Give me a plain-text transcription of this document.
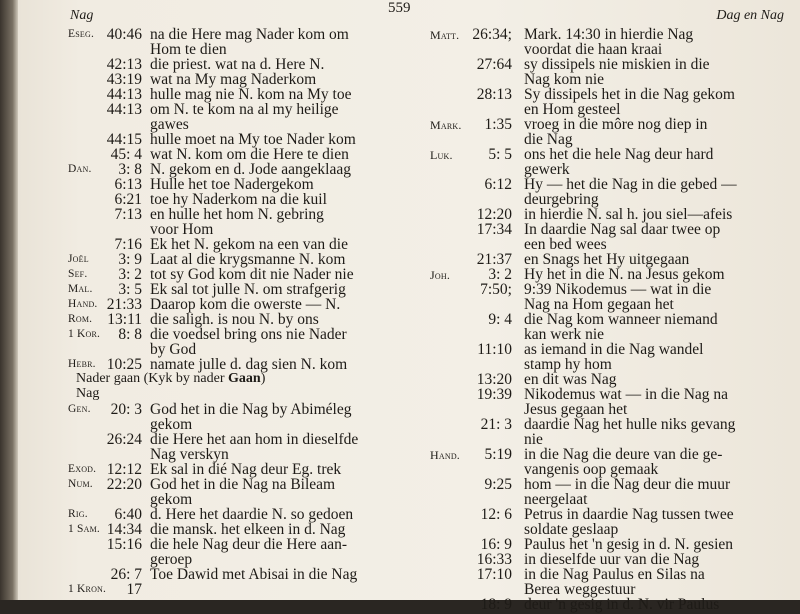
Nag	559	Dag en Nag
Eseg. 40:46 na die Here mag Nader kom om
Hom te dien
42:13 die priest. wat na d. Here N.
43:19 wat na My mag Naderkom
44:13 hulle mag nie N. kom na My toe
44:13 om N. te kom na al my heilige
gawes
44:15 hulle moet na My toe Nader kom
45: 4 wat N. kom om die Here te dien
Dan. 3: 8 N. gekom en d. Jode aangeklaag
6:13 Hulle het toe Nadergekom
6:21 toe hy Naderkom na die kuil
7:13 en hulle het hom N. gebring
voor Hom
7:16 Ek het N. gekom na een van die
Joël 3: 9 Laat al die krygsmanne N. kom
Sef. 3: 2 tot sy God kom dit nie Nader nie
Mal. 3: 5 Ek sal tot julle N. om strafgerig
Hand. 21:33 Daarop kom die owerste — N.
Rom. 13:11 die saligh. is nou N. by ons
1 Kor. 8: 8 die voedsel bring ons nie Nader
by God
Hebr. 10:25 namate julle d. dag sien N. kom
Nader gaan (Kyk by nader Gaan)
Nag
Gen. 20: 3 God het in die Nag by Abiméleg
gekom
26:24 die Here het aan hom in dieselfde
Nag verskyn
Exod. 12:12 Ek sal in dié Nag deur Eg. trek
Num. 22:20 God het in die Nag na Bileam
gekom
Rig. 6:40 d. Here het daardie N. so gedoen
1 Sam. 14:34 die mansk. het elkeen in d. Nag
15:16 die hele Nag deur die Here aan-
geroep
26: 7 Toe Dawid met Abisai in die Nag
1 Kron. 17
Matt. 26:34; Mark. 14:30 in hierdie Nag
voordat die haan kraai
27:64 sy dissipels nie miskien in die
Nag kom nie
28:13 Sy dissipels het in die Nag gekom
en Hom gesteel
Mark. 1:35 vroeg in die môre nog diep in
die Nag
Luk. 5: 5 ons het die hele Nag deur hard
gewerk
6:12 Hy — het die Nag in die gebed —
deurgebring
12:20 in hierdie N. sal h. jou siel—afeis
17:34 In daardie Nag sal daar twee op
een bed wees
21:37 en Snags het Hy uitgegaan
Joh. 3: 2 Hy het in die N. na Jesus gekom
7:50; 9:39 Nikodemus — wat in die
Nag na Hom gegaan het
9: 4 die Nag kom wanneer niemand
kan werk nie
11:10 as iemand in die Nag wandel
stamp hy hom
13:20 en dit was Nag
19:39 Nikodemus wat — in die Nag na
Jesus gegaan het
21: 3 daardie Nag het hulle niks gevang
nie
Hand. 5:19 in die Nag die deure van die ge-
vangenis oop gemaak
9:25 hom — in die Nag deur die muur
neergelaat
12: 6 Petrus in daardie Nag tussen twee
soldate geslaap
16: 9 Paulus het 'n gesig in d. N. gesien
16:33 in dieselfde uur van die Nag
17:10 in die Nag Paulus en Silas na
Berea weggestuur
18: 9 deur 'n gesig in d. N. vir Paulus
